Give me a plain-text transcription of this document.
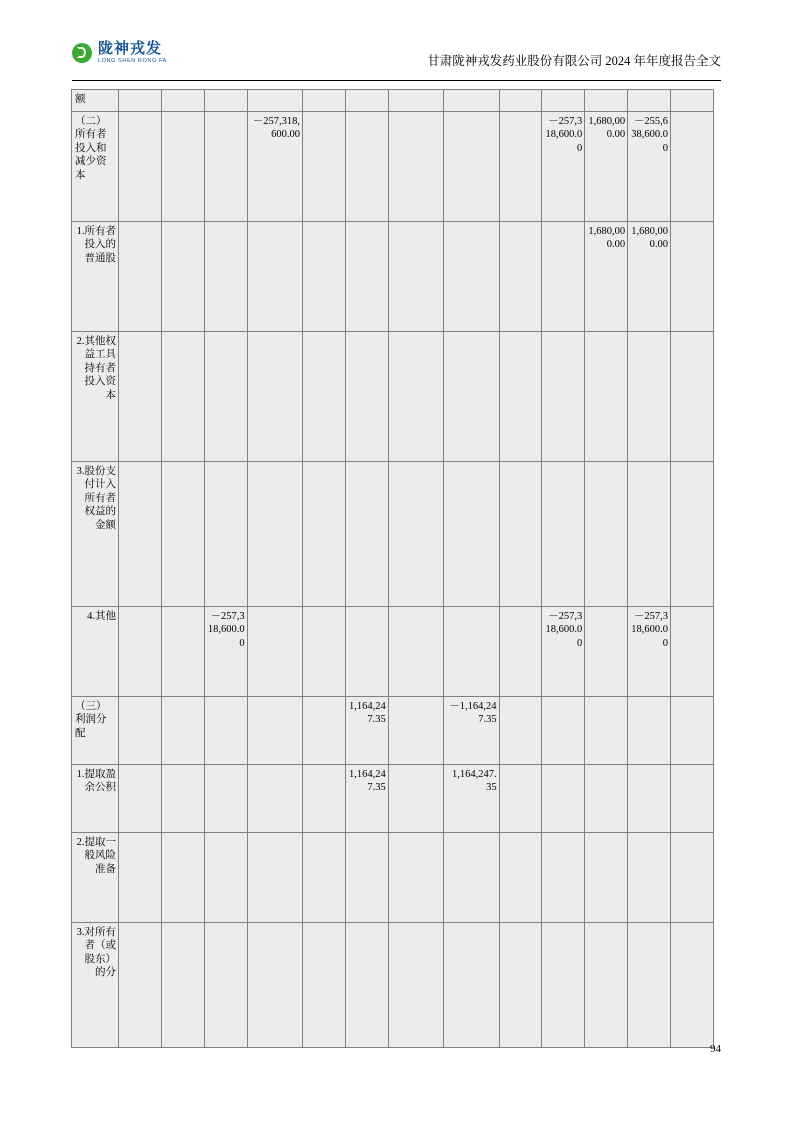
陇神戎发
LONG SHEN RONG FA	甘肃陇神戎发药业股份有限公司 2024 年年度报告全文
额													
（二）所有者投入和减少资本				－257,318,600.00						－257,318,600.00	1,680,000.00	－255,638,600.00	
1.所有者投入的普通股											1,680,000.00	1,680,000.00	
2.其他权益工具持有者投入资本													
3.股份支付计入所有者权益的金额													
4.其他			－257,318,600.00							－257,318,600.00		－257,318,600.00	
（三）利润分配						1,164,247.35		－1,164,247.35					
1.提取盈余公积						1,164,247.35		1,164,247.35					
2.提取一般风险准备													
3.对所有者（或股东）的分													
94
